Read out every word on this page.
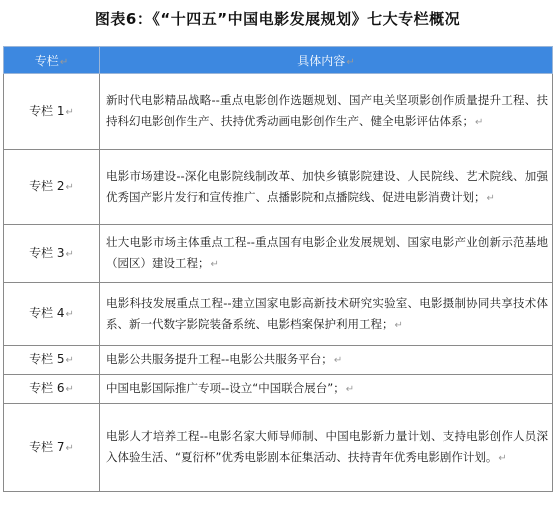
图表6：《“十四五”中国电影发展规划》七大专栏概况
专栏↵	具体内容↵
专栏 1↵	新时代电影精品战略--重点电影创作选题规划、国产电关坚项影创作质量提升工程、扶持科幻电影创作生产、扶持优秀动画电影创作生产、健全电影评估体系；↵
专栏 2↵	电影市场建设--深化电影院线制改革、加快乡镇影院建设、人民院线、艺术院线、加强优秀国产影片发行和宣传推广、点播影院和点播院线、促进电影消费计划；↵
专栏 3↵	壮大电影市场主体重点工程--重点国有电影企业发展规划、国家电影产业创新示范基地（园区）建设工程；↵
专栏 4↵	电影科技发展重点工程--建立国家电影高新技术研究实验室、电影摄制协同共享技术体系、新一代数字影院装备系统、电影档案保护利用工程；↵
专栏 5↵	电影公共服务提升工程--电影公共服务平台；↵
专栏 6↵	中国电影国际推广专项--设立“中国联合展台”；↵
专栏 7↵	电影人才培养工程--电影名家大师导师制、中国电影新力量计划、支持电影创作人员深入体验生活、“夏衍杯”优秀电影剧本征集活动、扶持青年优秀电影剧作计划。↵
